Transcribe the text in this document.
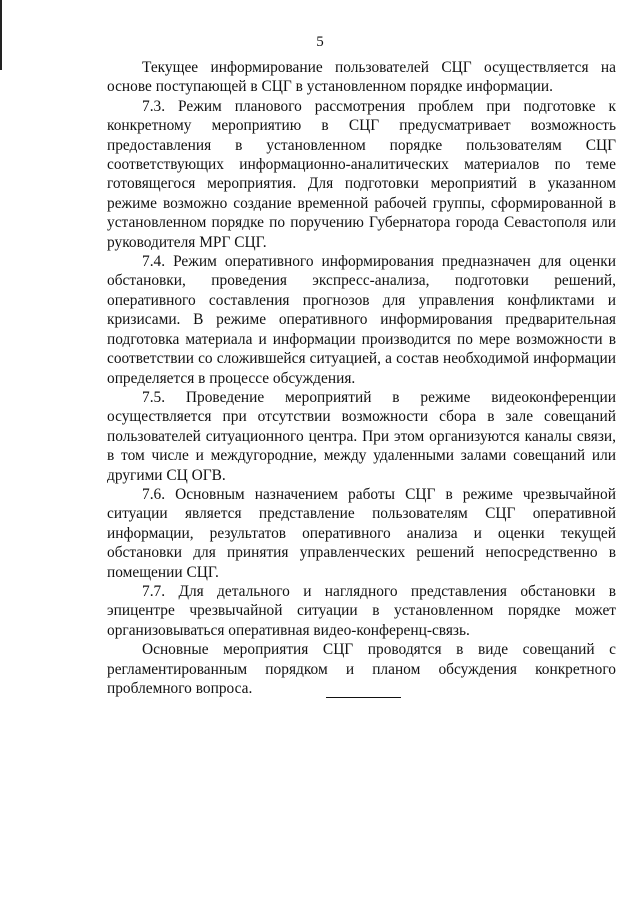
5

Текущее информирование пользователей СЦГ осуществляется на основе поступающей в СЦГ в установленном порядке информации.

7.3. Режим планового рассмотрения проблем при подготовке к конкретному мероприятию в СЦГ предусматривает возможность предоставления в установленном порядке пользователям СЦГ соответствующих информационно-аналитических материалов по теме готовящегося мероприятия. Для подготовки мероприятий в указанном режиме возможно создание временной рабочей группы, сформированной в установленном порядке по поручению Губернатора города Севастополя или руководителя МРГ СЦГ.

7.4. Режим оперативного информирования предназначен для оценки обстановки, проведения экспресс-анализа, подготовки решений, оперативного составления прогнозов для управления конфликтами и кризисами. В режиме оперативного информирования предварительная подготовка материала и информации производится по мере возможности в соответствии со сложившейся ситуацией, а состав необходимой информации определяется в процессе обсуждения.

7.5. Проведение мероприятий в режиме видеоконференции осуществляется при отсутствии возможности сбора в зале совещаний пользователей ситуационного центра. При этом организуются каналы связи, в том числе и междугородние, между удаленными залами совещаний или другими СЦ ОГВ.

7.6. Основным назначением работы СЦГ в режиме чрезвычайной ситуации является представление пользователям СЦГ оперативной информации, результатов оперативного анализа и оценки текущей обстановки для принятия управленческих решений непосредственно в помещении СЦГ.

7.7. Для детального и наглядного представления обстановки в эпицентре чрезвычайной ситуации в установленном порядке может организовываться оперативная видео-конференц-связь.

Основные мероприятия СЦГ проводятся в виде совещаний с регламентированным порядком и планом обсуждения конкретного проблемного вопроса.
